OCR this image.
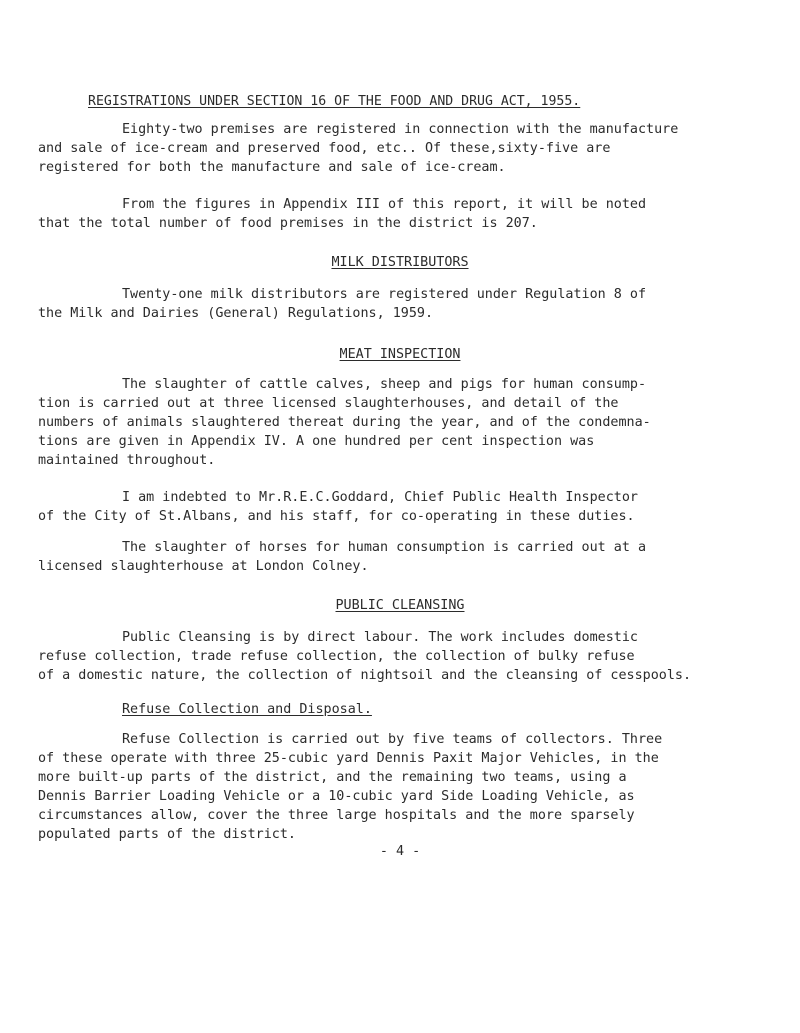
REGISTRATIONS UNDER SECTION 16 OF THE FOOD AND DRUG ACT, 1955.

Eighty-two premises are registered in connection with the manufacture
and sale of ice-cream and preserved food, etc.. Of these,sixty-five are
registered for both the manufacture and sale of ice-cream.

From the figures in Appendix III of this report, it will be noted
that the total number of food premises in the district is 207.

MILK DISTRIBUTORS

Twenty-one milk distributors are registered under Regulation 8 of
the Milk and Dairies (General) Regulations, 1959.

MEAT INSPECTION

The slaughter of cattle calves, sheep and pigs for human consump-
tion is carried out at three licensed slaughterhouses, and detail of the
numbers of animals slaughtered thereat during the year, and of the condemna-
tions are given in Appendix IV. A one hundred per cent inspection was
maintained throughout.

I am indebted to Mr.R.E.C.Goddard, Chief Public Health Inspector
of the City of St.Albans, and his staff, for co-operating in these duties.

The slaughter of horses for human consumption is carried out at a
licensed slaughterhouse at London Colney.

PUBLIC CLEANSING

Public Cleansing is by direct labour. The work includes domestic
refuse collection, trade refuse collection, the collection of bulky refuse
of a domestic nature, the collection of nightsoil and the cleansing of cesspools.

Refuse Collection and Disposal.

Refuse Collection is carried out by five teams of collectors. Three
of these operate with three 25-cubic yard Dennis Paxit Major Vehicles, in the
more built-up parts of the district, and the remaining two teams, using a
Dennis Barrier Loading Vehicle or a 10-cubic yard Side Loading Vehicle, as
circumstances allow, cover the three large hospitals and the more sparsely
populated parts of the district.

- 4 -
